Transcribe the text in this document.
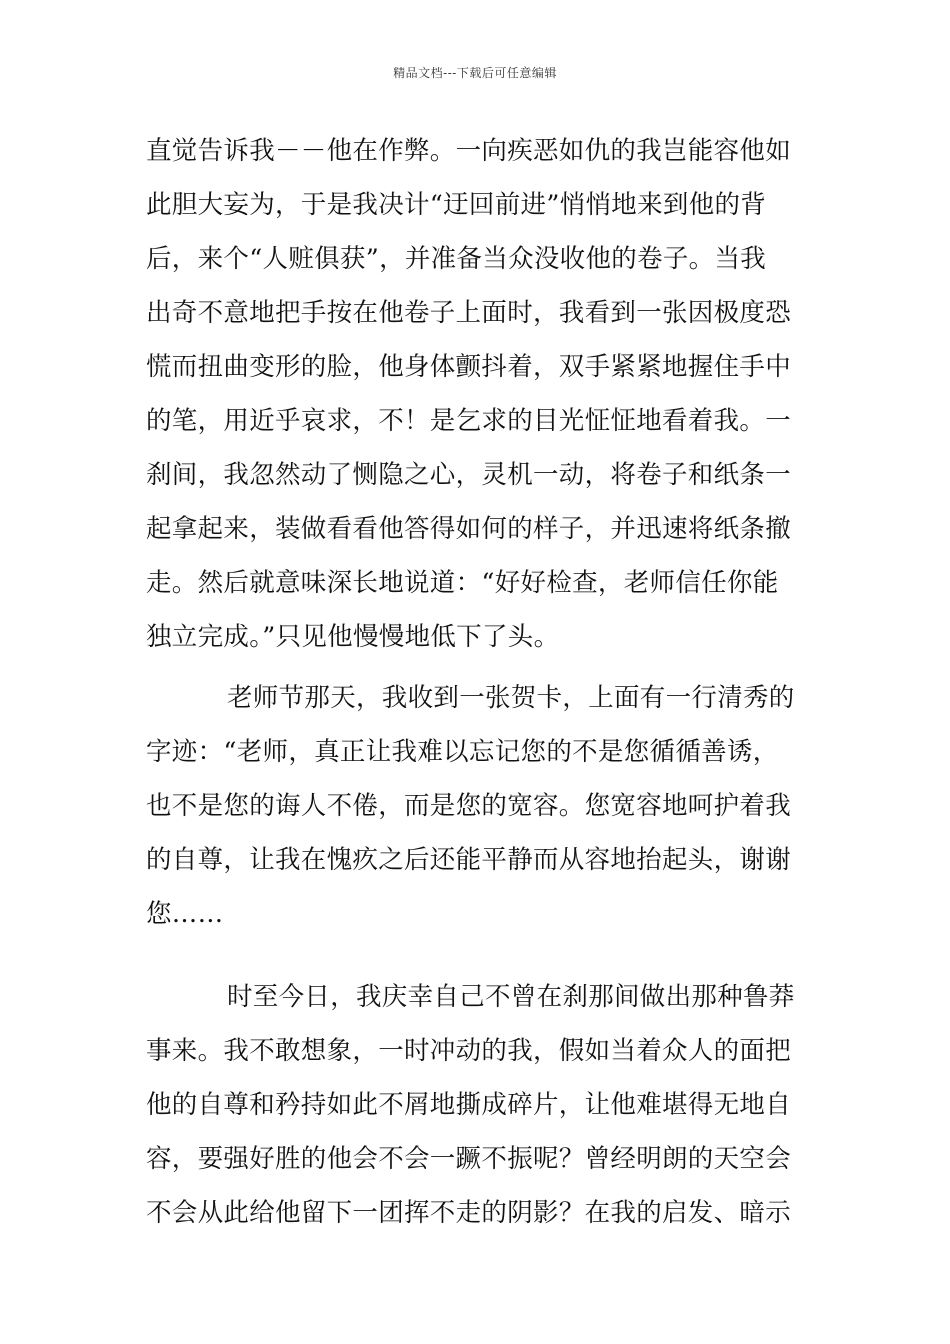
精品文档---下载后可任意编辑
直觉告诉我－－他在作弊。一向疾恶如仇的我岂能容他如
此胆大妄为，于是我决计“迂回前进”悄悄地来到他的背
后，来个“人赃俱获”，并准备当众没收他的卷子。当我
出奇不意地把手按在他卷子上面时，我看到一张因极度恐
慌而扭曲变形的脸，他身体颤抖着，双手紧紧地握住手中
的笔，用近乎哀求，不！是乞求的目光怔怔地看着我。一
刹间，我忽然动了恻隐之心，灵机一动，将卷子和纸条一
起拿起来，装做看看他答得如何的样子，并迅速将纸条撤
走。然后就意味深长地说道：“好好检查，老师信任你能
独立完成。”只见他慢慢地低下了头。
老师节那天，我收到一张贺卡，上面有一行清秀的
字迹：“老师，真正让我难以忘记您的不是您循循善诱，
也不是您的诲人不倦，而是您的宽容。您宽容地呵护着我
的自尊，让我在愧疚之后还能平静而从容地抬起头，谢谢
您……
时至今日，我庆幸自己不曾在刹那间做出那种鲁莽
事来。我不敢想象，一时冲动的我，假如当着众人的面把
他的自尊和矜持如此不屑地撕成碎片，让他难堪得无地自
容，要强好胜的他会不会一蹶不振呢？曾经明朗的天空会
不会从此给他留下一团挥不走的阴影？在我的启发、暗示
